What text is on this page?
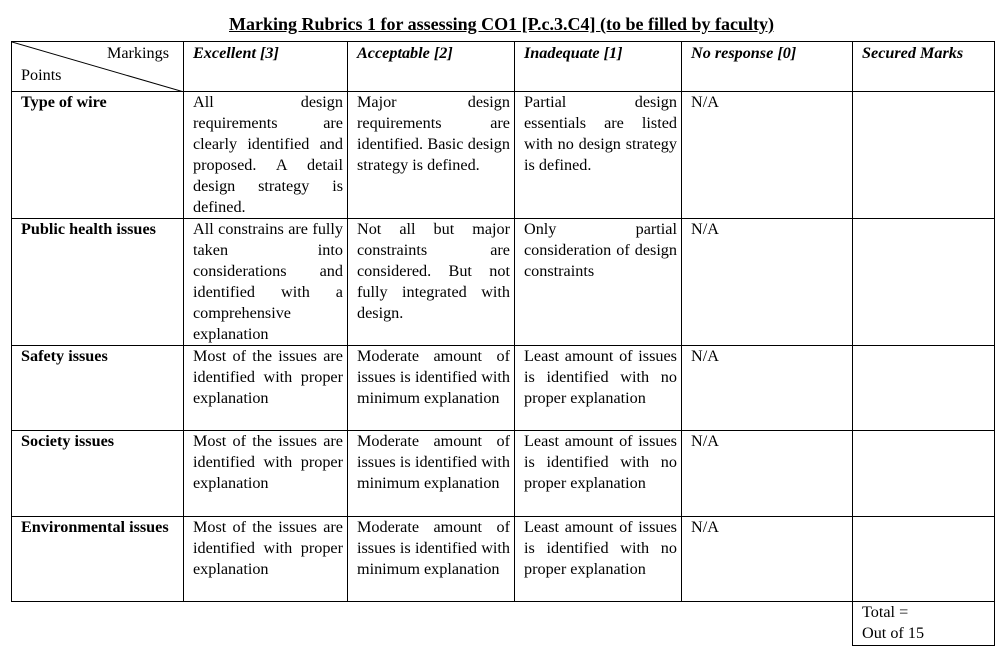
Marking Rubrics 1 for assessing CO1 [P.c.3.C4] (to be filled by faculty)
Markings
Points	Excellent [3]	Acceptable [2]	Inadequate [1]	No response [0]	Secured Marks
Type of wire	All design requirements are clearly identified and proposed. A detail design strategy is defined.	Major design requirements are identified. Basic design strategy is defined.	Partial design essentials are listed with no design strategy is defined.	N/A	
Public health issues	All constrains are fully taken into considerations and identified with a comprehensive explanation	Not all but major constraints are considered. But not fully integrated with design.	Only partial consideration of design constraints	N/A	
Safety issues	Most of the issues are identified with proper explanation	Moderate amount of issues is identified with minimum explanation	Least amount of issues is identified with no proper explanation	N/A	
Society issues	Most of the issues are identified with proper explanation	Moderate amount of issues is identified with minimum explanation	Least amount of issues is identified with no proper explanation	N/A	
Environmental issues	Most of the issues are identified with proper explanation	Moderate amount of issues is identified with minimum explanation	Least amount of issues is identified with no proper explanation	N/A	

					Total =
Out of 15
